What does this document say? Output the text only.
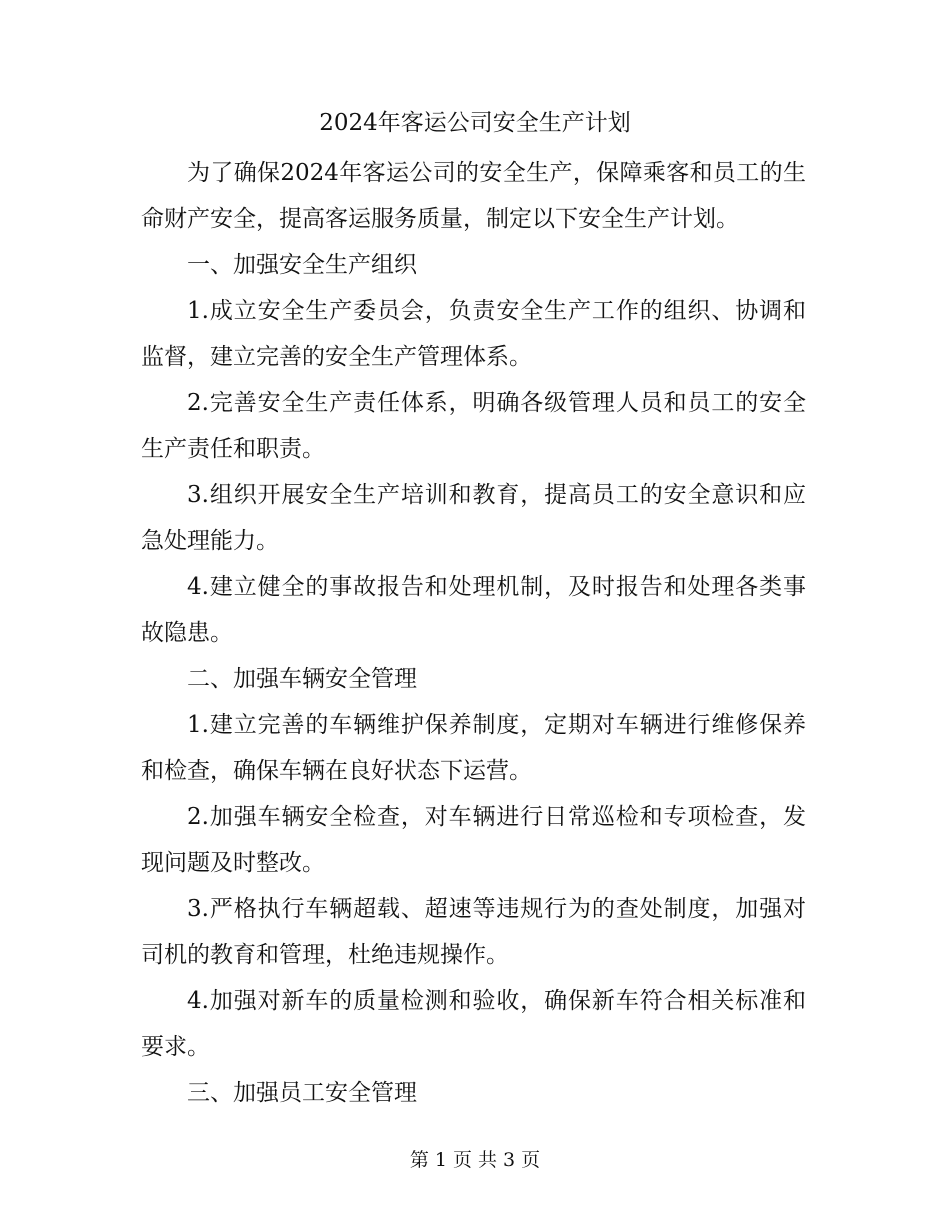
2024年客运公司安全生产计划

为了确保2024年客运公司的安全生产，保障乘客和员工的生命财产安全，提高客运服务质量，制定以下安全生产计划。

一、加强安全生产组织

1.成立安全生产委员会，负责安全生产工作的组织、协调和监督，建立完善的安全生产管理体系。

2.完善安全生产责任体系，明确各级管理人员和员工的安全生产责任和职责。

3.组织开展安全生产培训和教育，提高员工的安全意识和应急处理能力。

4.建立健全的事故报告和处理机制，及时报告和处理各类事故隐患。

二、加强车辆安全管理

1.建立完善的车辆维护保养制度，定期对车辆进行维修保养和检查，确保车辆在良好状态下运营。

2.加强车辆安全检查，对车辆进行日常巡检和专项检查，发现问题及时整改。

3.严格执行车辆超载、超速等违规行为的查处制度，加强对司机的教育和管理，杜绝违规操作。

4.加强对新车的质量检测和验收，确保新车符合相关标准和要求。

三、加强员工安全管理

第 1 页 共 3 页
